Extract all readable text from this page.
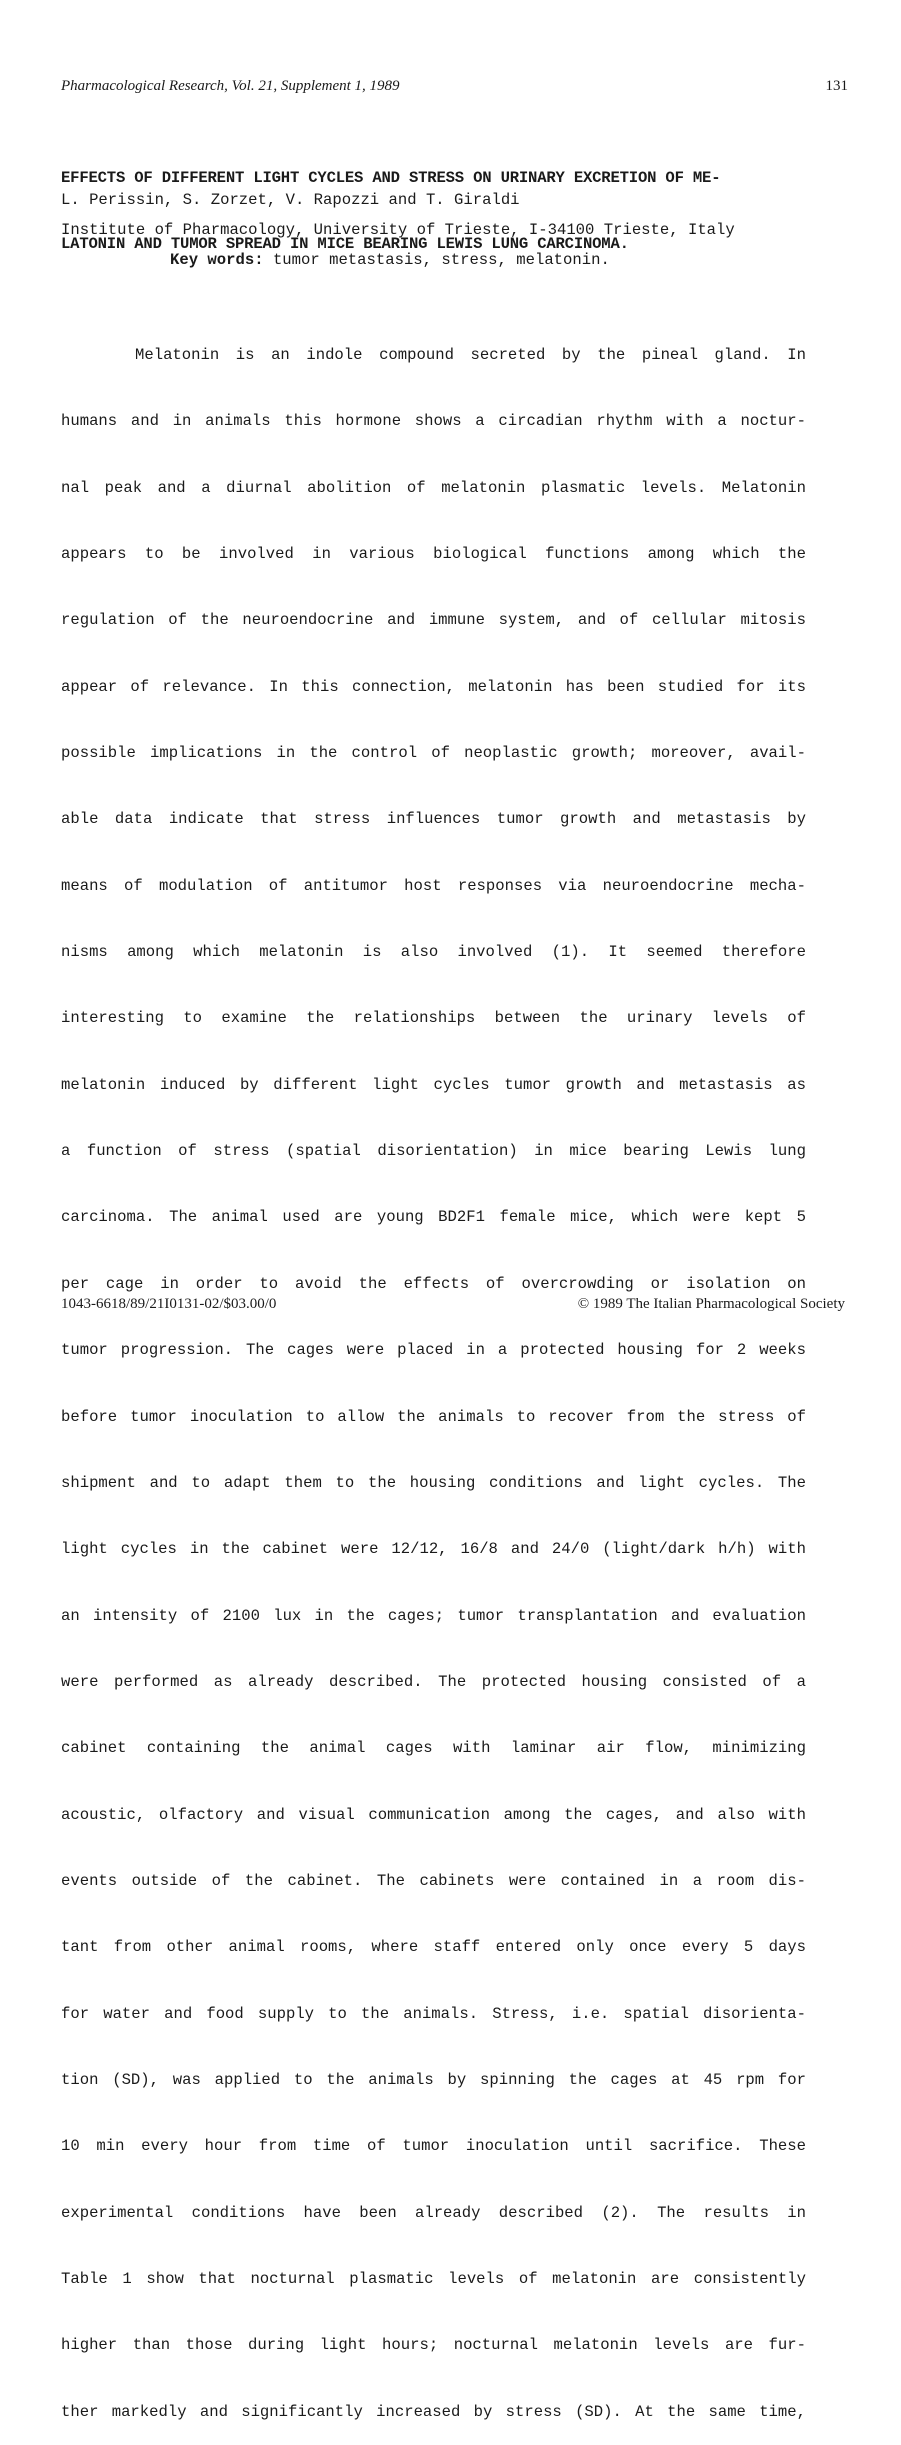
Pharmacological Research, Vol. 21, Supplement 1, 1989	131

EFFECTS OF DIFFERENT LIGHT CYCLES AND STRESS ON URINARY EXCRETION OF ME-

LATONIN AND TUMOR SPREAD IN MICE BEARING LEWIS LUNG CARCINOMA.

L. Perissin, S. Zorzet, V. Rapozzi and T. Giraldi
Institute of Pharmacology, University of Trieste, I-34100 Trieste, Italy
Key words: tumor metastasis, stress, melatonin.

Melatonin is an indole compound secreted by the pineal gland. In

humans and in animals this hormone shows a circadian rhythm with a noctur-

nal peak and a diurnal abolition of melatonin plasmatic levels. Melatonin

appears to be involved in various biological functions among which the

regulation of the neuroendocrine and immune system, and of cellular mitosis

appear of relevance. In this connection, melatonin has been studied for its

possible implications in the control of neoplastic growth; moreover, avail-

able data indicate that stress influences tumor growth and metastasis by

means of modulation of antitumor host responses via neuroendocrine mecha-

nisms among which melatonin is also involved (1). It seemed therefore

interesting to examine the relationships between the urinary levels of

melatonin induced by different light cycles tumor growth and metastasis as

a function of stress (spatial disorientation) in mice bearing Lewis lung

carcinoma. The animal used are young BD2F1 female mice, which were kept 5

per cage in order to avoid the effects of overcrowding or isolation on

tumor progression. The cages were placed in a protected housing for 2 weeks

before tumor inoculation to allow the animals to recover from the stress of

shipment and to adapt them to the housing conditions and light cycles. The

light cycles in the cabinet were 12/12, 16/8 and 24/0 (light/dark h/h) with

an intensity of 2100 lux in the cages; tumor transplantation and evaluation

were performed as already described. The protected housing consisted of a

cabinet containing the animal cages with laminar air flow, minimizing

acoustic, olfactory and visual communication among the cages, and also with

events outside of the cabinet. The cabinets were contained in a room dis-

tant from other animal rooms, where staff entered only once every 5 days

for water and food supply to the animals. Stress, i.e. spatial disorienta-

tion (SD), was applied to the animals by spinning the cages at 45 rpm for

10 min every hour from time of tumor inoculation until sacrifice. These

experimental conditions have been already described (2). The results in

Table 1 show that nocturnal plasmatic levels of melatonin are consistently

higher than those during light hours; nocturnal melatonin levels are fur-

ther markedly and significantly increased by stress (SD). At the same time,

1043-6618/89/21I0131-02/$03.00/0	© 1989 The Italian Pharmacological Society
